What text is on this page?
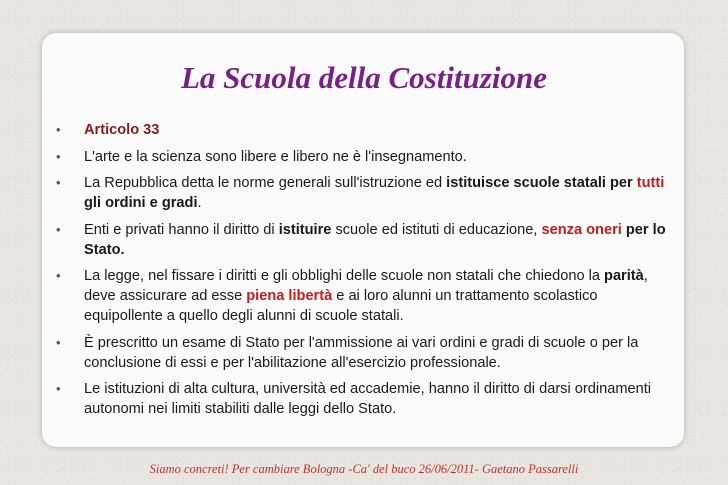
La Scuola della Costituzione
• Articolo 33
• L'arte e la scienza sono libere e libero ne è l'insegnamento.
• La Repubblica detta le norme generali sull'istruzione ed istituisce scuole statali per tutti gli ordini e gradi.
• Enti e privati hanno il diritto di istituire scuole ed istituti di educazione, senza oneri per lo Stato.
• La legge, nel fissare i diritti e gli obblighi delle scuole non statali che chiedono la parità, deve assicurare ad esse piena libertà e ai loro alunni un trattamento scolastico equipollente a quello degli alunni di scuole statali.
• È prescritto un esame di Stato per l'ammissione ai vari ordini e gradi di scuole o per la conclusione di essi e per l'abilitazione all'esercizio professionale.
• Le istituzioni di alta cultura, università ed accademie, hanno il diritto di darsi ordinamenti autonomi nei limiti stabiliti dalle leggi dello Stato.
Siamo concreti! Per cambiare Bologna -Ca' del buco 26/06/2011- Gaetano Passarelli
